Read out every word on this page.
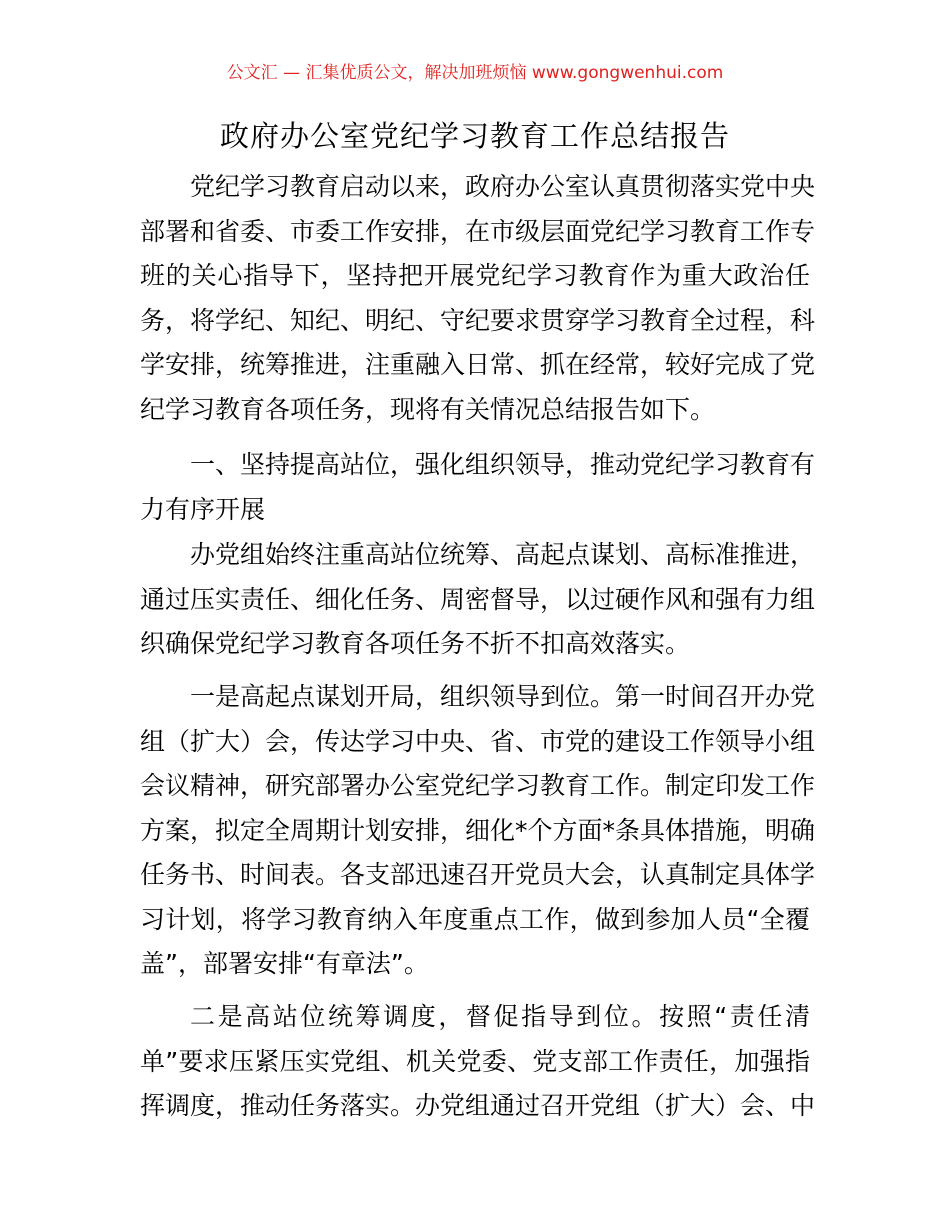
公文汇 — 汇集优质公文，解决加班烦恼 www.gongwenhui.com
政府办公室党纪学习教育工作总结报告
党纪学习教育启动以来，政府办公室认真贯彻落实党中央
部署和省委、市委工作安排，在市级层面党纪学习教育工作专
班的关心指导下，坚持把开展党纪学习教育作为重大政治任
务，将学纪、知纪、明纪、守纪要求贯穿学习教育全过程，科
学安排，统筹推进，注重融入日常、抓在经常，较好完成了党
纪学习教育各项任务，现将有关情况总结报告如下。
一、坚持提高站位，强化组织领导，推动党纪学习教育有
力有序开展
办党组始终注重高站位统筹、高起点谋划、高标准推进，
通过压实责任、细化任务、周密督导，以过硬作风和强有力组
织确保党纪学习教育各项任务不折不扣高效落实。
一是高起点谋划开局，组织领导到位。第一时间召开办党
组（扩大）会，传达学习中央、省、市党的建设工作领导小组
会议精神，研究部署办公室党纪学习教育工作。制定印发工作
方案，拟定全周期计划安排，细化*个方面*条具体措施，明确
任务书、时间表。各支部迅速召开党员大会，认真制定具体学
习计划，将学习教育纳入年度重点工作，做到参加人员“全覆
盖”，部署安排“有章法”。
二是高站位统筹调度，督促指导到位。按照“责任清
单”要求压紧压实党组、机关党委、党支部工作责任，加强指
挥调度，推动任务落实。办党组通过召开党组（扩大）会、中
